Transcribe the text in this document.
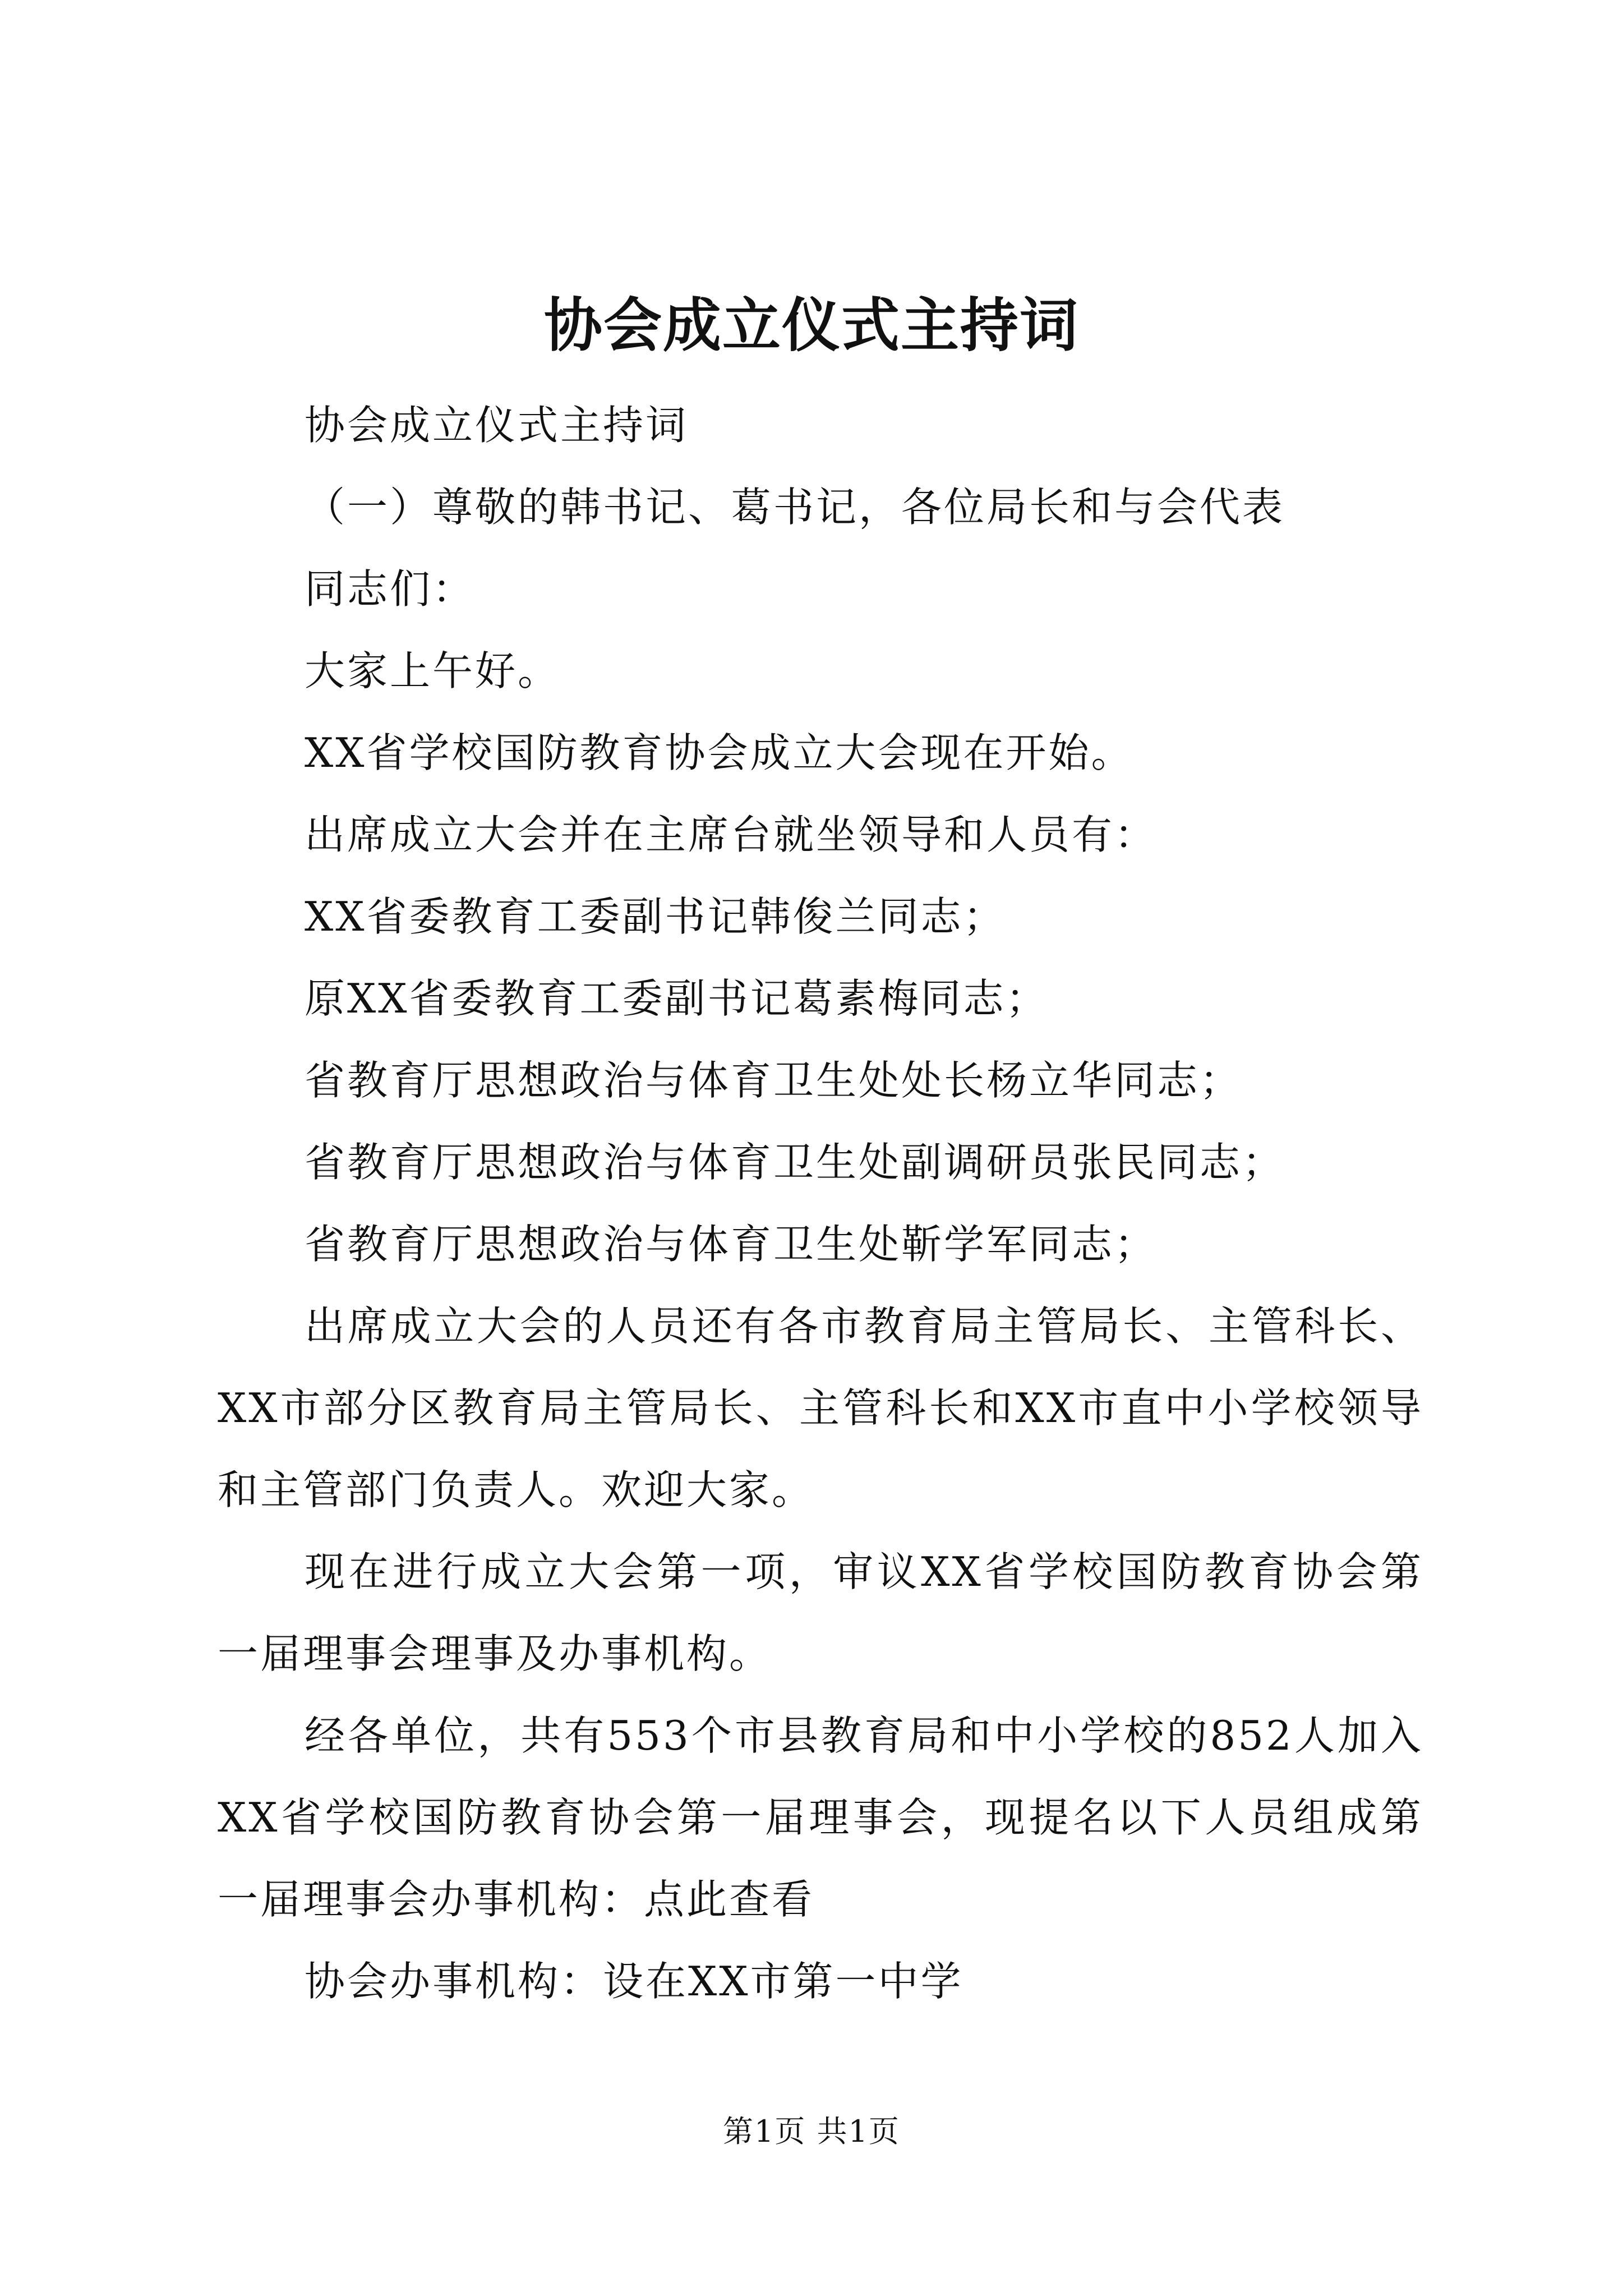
协会成立仪式主持词

协会成立仪式主持词

（一）尊敬的韩书记、葛书记，各位局长和与会代表

同志们：

大家上午好。

XX省学校国防教育协会成立大会现在开始。

出席成立大会并在主席台就坐领导和人员有：

XX省委教育工委副书记韩俊兰同志；

原XX省委教育工委副书记葛素梅同志；

省教育厅思想政治与体育卫生处处长杨立华同志；

省教育厅思想政治与体育卫生处副调研员张民同志；

省教育厅思想政治与体育卫生处靳学军同志；

出席成立大会的人员还有各市教育局主管局长、主管科长、XX市部分区教育局主管局长、主管科长和XX市直中小学校领导和主管部门负责人。欢迎大家。

现在进行成立大会第一项，审议XX省学校国防教育协会第一届理事会理事及办事机构。

经各单位，共有553个市县教育局和中小学校的852人加入XX省学校国防教育协会第一届理事会，现提名以下人员组成第一届理事会办事机构：点此查看

协会办事机构：设在XX市第一中学

第1页 共1页
